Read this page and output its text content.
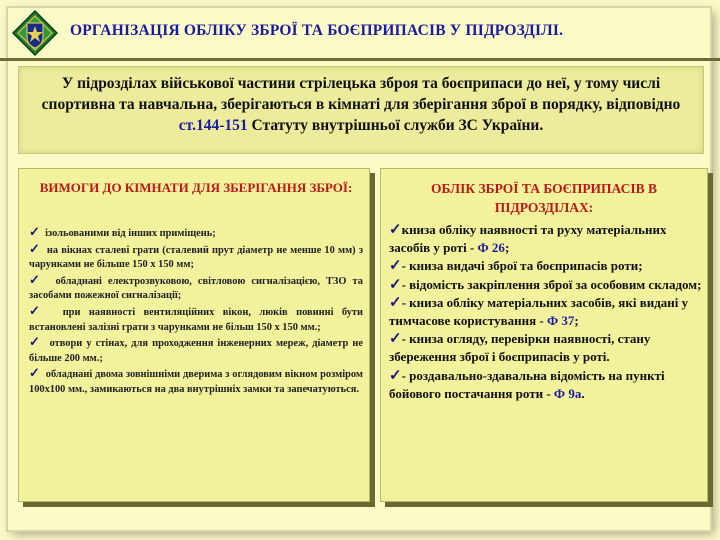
ОРГАНІЗАЦІЯ ОБЛІКУ ЗБРОЇ ТА БОЄПРИПАСІВ У ПІДРОЗДІЛІ.
У підрозділах військової частини стрілецька зброя та боєприпаси до неї, у тому числі спортивна та навчальна, зберігаються в кімнаті для зберігання зброї в порядку, відповідно ст.144-151 Статуту внутрішньої служби ЗС України.
ВИМОГИ ДО КІМНАТИ ДЛЯ ЗБЕРІГАННЯ ЗБРОЇ:

✓ ізольованими від інших приміщень;

✓ на вікнах сталеві грати (сталевий прут діаметр не менше 10 мм) з чарунками не більше 150 х 150 мм;

✓ обладнані електрозвуковою, світловою сигналізацією, ТЗО та засобами пожежної сигналізації;

✓ при наявності вентиляційних вікон, люків повинні бути встановлені залізні грати з чарунками не більш 150 х 150 мм.;

✓ отвори у стінах, для проходження інженерних мереж, діаметр не більше 200 мм.;

✓ обладнані двома зовнішніми дверима з оглядовим вікном розміром 100х100 мм., замикаються на два внутрішніх замки та запечатуються.

ОБЛІК ЗБРОЇ ТА БОЄПРИПАСІВ В ПІДРОЗДІЛАХ:

✓книза обліку наявності та руху матеріальних засобів у роті - Ф 26;

✓- книза видачі зброї та боєприпасів роти;

✓- відомість закріплення зброї за особовим складом;

✓- книза обліку матеріальних засобів, які видані у тимчасове користування - Ф 37;

✓- книза огляду, перевірки наявності, стану збереження зброї і боєприпасів у роті.

✓- роздавально-здавальна відомість на пункті бойового постачання роти - Ф 9а.
